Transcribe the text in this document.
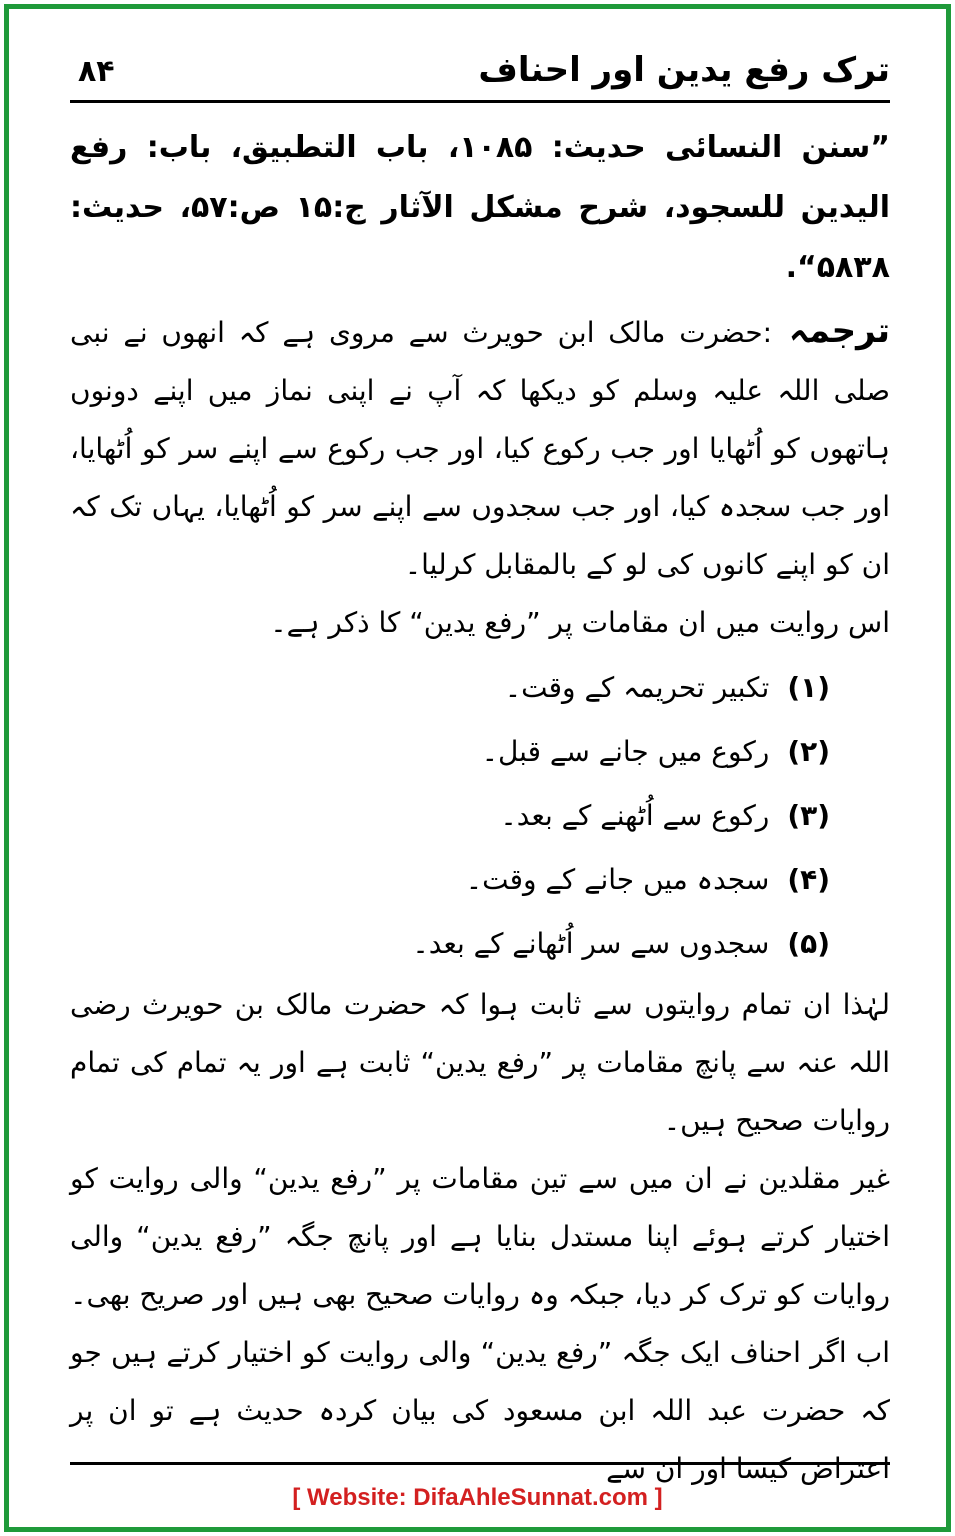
ترک رفع یدین اور احناف
۸۴

”سنن النسائی حدیث: ۱۰۸۵، باب التطبیق، باب: رفع الیدین للسجود، شرح مشکل الآثار ج:۱۵ ص:۵۷، حدیث: ۵۸۳۸“.

ترجمہ:حضرت مالک ابن حویرث سے مروی ہے کہ انھوں نے نبی صلی اللہ علیہ وسلم کو دیکھا کہ آپ نے اپنی نماز میں اپنے دونوں ہاتھوں کو اُٹھایا اور جب رکوع کیا، اور جب رکوع سے اپنے سر کو اُٹھایا، اور جب سجدہ کیا، اور جب سجدوں سے اپنے سر کو اُٹھایا، یہاں تک کہ ان کو اپنے کانوں کی لو کے بالمقابل کرلیا۔

اس روایت میں ان مقامات پر ”رفع یدین“ کا ذکر ہے۔

(۱)تکبیر تحریمہ کے وقت۔
(۲)رکوع میں جانے سے قبل۔
(۳)رکوع سے اُٹھنے کے بعد۔
(۴)سجدہ میں جانے کے وقت۔
(۵)سجدوں سے سر اُٹھانے کے بعد۔

لہٰذا ان تمام روایتوں سے ثابت ہوا کہ حضرت مالک بن حویرث رضی اللہ عنہ سے پانچ مقامات پر ”رفع یدین“ ثابت ہے اور یہ تمام کی تمام روایات صحیح ہیں۔

غیر مقلدین نے ان میں سے تین مقامات پر ”رفع یدین“ والی روایت کو اختیار کرتے ہوئے اپنا مستدل بنایا ہے اور پانچ جگہ ”رفع یدین“ والی روایات کو ترک کر دیا، جبکہ وہ روایات صحیح بھی ہیں اور صریح بھی۔

اب اگر احناف ایک جگہ ”رفع یدین“ والی روایت کو اختیار کرتے ہیں جو کہ حضرت عبد اللہ ابن مسعود کی بیان کردہ حدیث ہے تو ان پر اعتراض کیسا اور ان سے

[ Website: DifaAhleSunnat.com ]
